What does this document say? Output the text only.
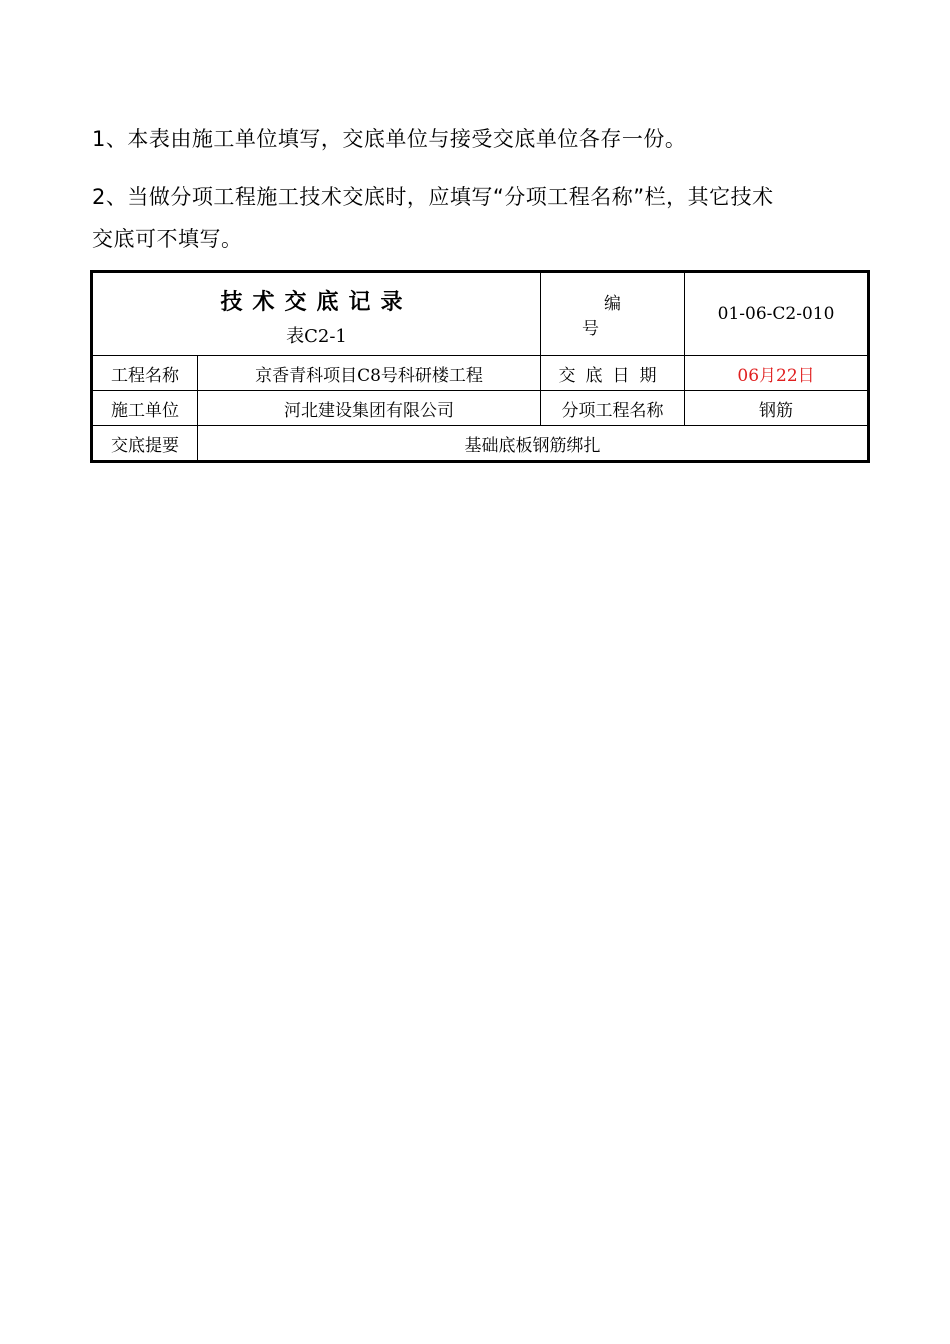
1、本表由施工单位填写，交底单位与接受交底单位各存一份。
2、当做分项工程施工技术交底时，应填写“分项工程名称”栏，其它技术
交底可不填写。
技术交底记录
表C2-1		编号	01-06-C2-010
工程名称	京香青科项目C8号科研楼工程	交底日期	06月22日
施工单位	河北建设集团有限公司	分项工程名称	钢筋
交底提要	基础底板钢筋绑扎		
